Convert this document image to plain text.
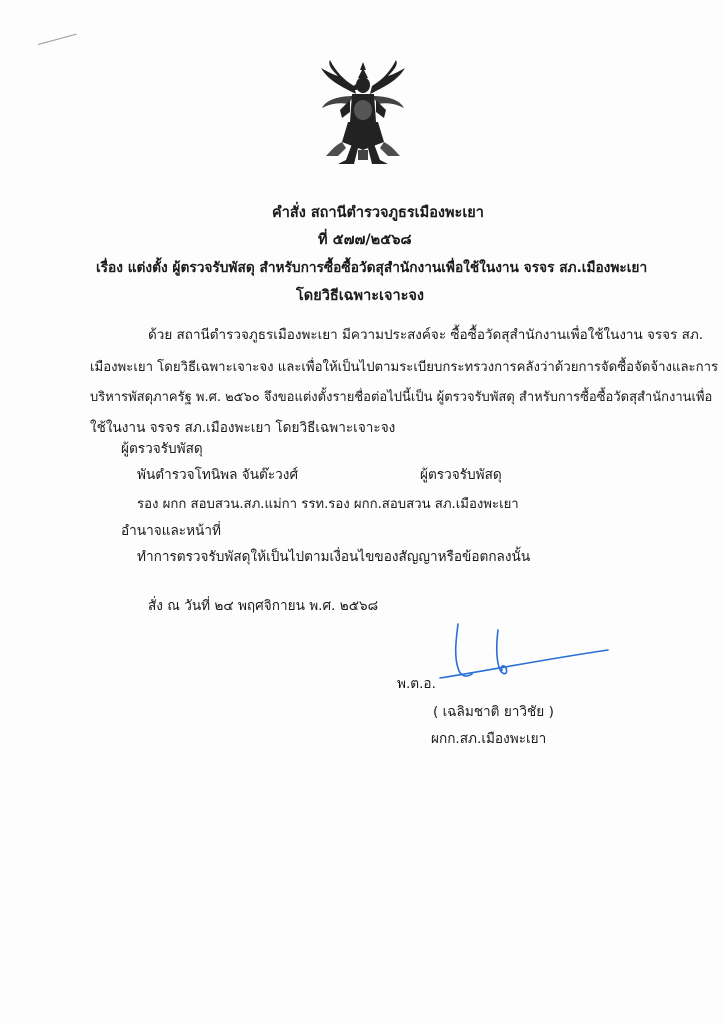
คำสั่ง สถานีตำรวจภูธรเมืองพะเยา
ที่ ๕๗๗/๒๕๖๘
เรื่อง แต่งตั้ง ผู้ตรวจรับพัสดุ สำหรับการซื้อซื้อวัดสุสำนักงานเพื่อใช้ในงาน จรจร สภ.เมืองพะเยา
โดยวิธีเฉพาะเจาะจง
ด้วย สถานีตำรวจภูธรเมืองพะเยา มีความประสงค์จะ ซื้อซื้อวัดสุสำนักงานเพื่อใช้ในงาน จรจร สภ.
เมืองพะเยา โดยวิธีเฉพาะเจาะจง และเพื่อให้เป็นไปตามระเบียบกระทรวงการคลังว่าด้วยการจัดซื้อจัดจ้างและการ
บริหารพัสดุภาครัฐ พ.ศ. ๒๕๖๐ จึงขอแต่งตั้งรายชื่อต่อไปนี้เป็น ผู้ตรวจรับพัสดุ สำหรับการซื้อซื้อวัดสุสำนักงานเพื่อ
ใช้ในงาน จรจร สภ.เมืองพะเยา โดยวิธีเฉพาะเจาะจง
ผู้ตรวจรับพัสดุ
พันตำรวจโทนิพล จันต๊ะวงศ์	ผู้ตรวจรับพัสดุ
รอง ผกก สอบสวน.สภ.แม่กา รรท.รอง ผกก.สอบสวน สภ.เมืองพะเยา
อำนาจและหน้าที่
ทำการตรวจรับพัสดุให้เป็นไปตามเงื่อนไขของสัญญาหรือข้อตกลงนั้น
สั่ง ณ วันที่ ๒๔ พฤศจิกายน พ.ศ. ๒๕๖๘
พ.ต.อ.
( เฉลิมชาติ ยาวิชัย )
ผกก.สภ.เมืองพะเยา
